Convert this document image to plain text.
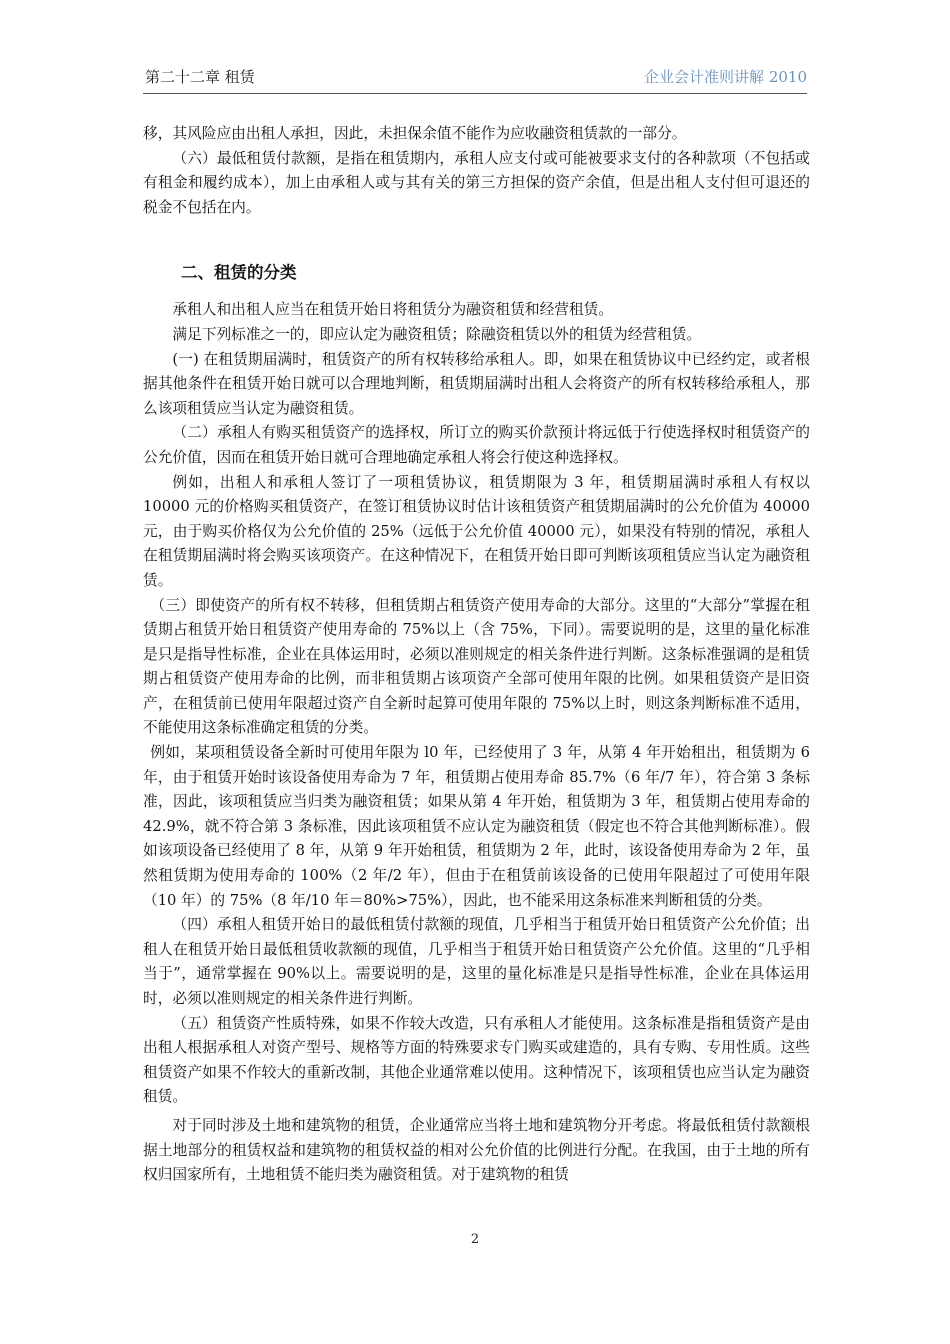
第二十二章 租赁	企业会计准则讲解 2010

移，其风险应由出租人承担，因此，未担保余值不能作为应收融资租赁款的一部分。

（六）最低租赁付款额，是指在租赁期内，承租人应支付或可能被要求支付的各种款项（不包括或有租金和履约成本），加上由承租人或与其有关的第三方担保的资产余值，但是出租人支付但可退还的税金不包括在内。

二、租赁的分类

承租人和出租人应当在租赁开始日将租赁分为融资租赁和经营租赁。

满足下列标准之一的，即应认定为融资租赁；除融资租赁以外的租赁为经营租赁。

(一) 在租赁期届满时，租赁资产的所有权转移给承租人。即，如果在租赁协议中已经约定，或者根据其他条件在租赁开始日就可以合理地判断，租赁期届满时出租人会将资产的所有权转移给承租人，那么该项租赁应当认定为融资租赁。

（二）承租人有购买租赁资产的选择权，所订立的购买价款预计将远低于行使选择权时租赁资产的公允价值，因而在租赁开始日就可合理地确定承租人将会行使这种选择权。

例如，出租人和承租人签订了一项租赁协议，租赁期限为 3 年，租赁期届满时承租人有权以 10000 元的价格购买租赁资产，在签订租赁协议时估计该租赁资产租赁期届满时的公允价值为 40000 元，由于购买价格仅为公允价值的 25%（远低于公允价值 40000 元），如果没有特别的情况，承租人在租赁期届满时将会购买该项资产。在这种情况下，在租赁开始日即可判断该项租赁应当认定为融资租赁。

（三）即使资产的所有权不转移，但租赁期占租赁资产使用寿命的大部分。这里的“大部分”掌握在租赁期占租赁开始日租赁资产使用寿命的 75%以上（含 75%，下同）。需要说明的是，这里的量化标准是只是指导性标准，企业在具体运用时，必须以准则规定的相关条件进行判断。这条标准强调的是租赁期占租赁资产使用寿命的比例，而非租赁期占该项资产全部可使用年限的比例。如果租赁资产是旧资产，在租赁前已使用年限超过资产自全新时起算可使用年限的 75%以上时，则这条判断标准不适用，不能使用这条标准确定租赁的分类。

例如，某项租赁设备全新时可使用年限为 l0 年，已经使用了 3 年，从第 4 年开始租出，租赁期为 6 年，由于租赁开始时该设备使用寿命为 7 年，租赁期占使用寿命 85.7%（6 年/7 年），符合第 3 条标准，因此，该项租赁应当归类为融资租赁；如果从第 4 年开始，租赁期为 3 年，租赁期占使用寿命的 42.9%，就不符合第 3 条标准，因此该项租赁不应认定为融资租赁（假定也不符合其他判断标准）。假如该项设备已经使用了 8 年，从第 9 年开始租赁，租赁期为 2 年，此时，该设备使用寿命为 2 年，虽然租赁期为使用寿命的 100%（2 年/2 年），但由于在租赁前该设备的已使用年限超过了可使用年限（10 年）的 75%（8 年/10 年＝80%>75%），因此，也不能采用这条标准来判断租赁的分类。

（四）承租人租赁开始日的最低租赁付款额的现值，几乎相当于租赁开始日租赁资产公允价值；出租人在租赁开始日最低租赁收款额的现值，几乎相当于租赁开始日租赁资产公允价值。这里的“几乎相当于”，通常掌握在 90%以上。需要说明的是，这里的量化标准是只是指导性标准，企业在具体运用时，必须以准则规定的相关条件进行判断。

（五）租赁资产性质特殊，如果不作较大改造，只有承租人才能使用。这条标准是指租赁资产是由出租人根据承租人对资产型号、规格等方面的特殊要求专门购买或建造的，具有专购、专用性质。这些租赁资产如果不作较大的重新改制，其他企业通常难以使用。这种情况下，该项租赁也应当认定为融资租赁。

对于同时涉及土地和建筑物的租赁，企业通常应当将土地和建筑物分开考虑。将最低租赁付款额根据土地部分的租赁权益和建筑物的租赁权益的相对公允价值的比例进行分配。在我国，由于土地的所有权归国家所有，土地租赁不能归类为融资租赁。对于建筑物的租赁

2
